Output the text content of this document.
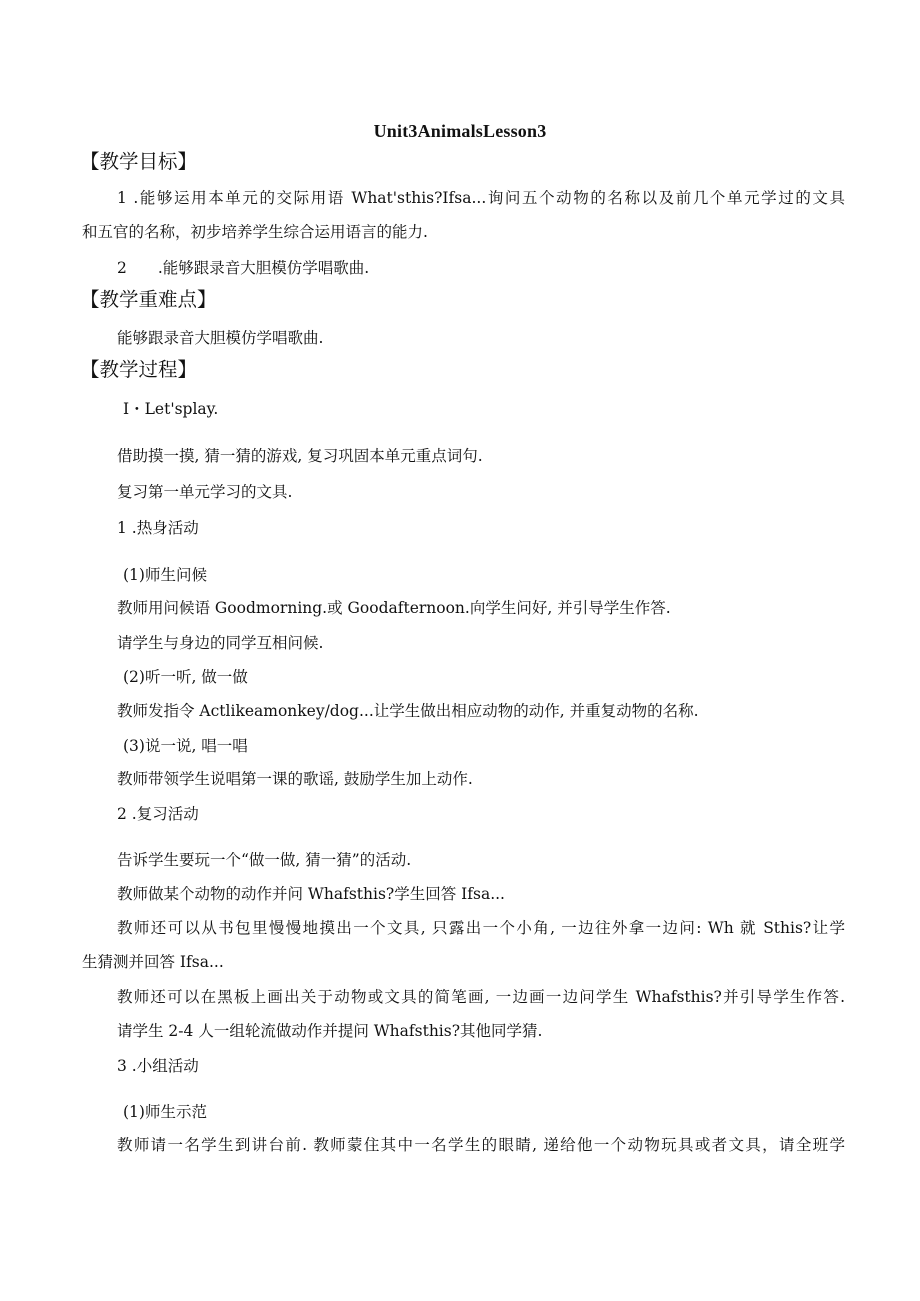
Unit3AnimalsLesson3
【教学目标】
1 .能够运用本单元的交际用语 What'sthis?Ifsa...询问五个动物的名称以及前几个单元学过的文具
和五官的名称，初步培养学生综合运用语言的能力.
2　　.能够跟录音大胆模仿学唱歌曲.
【教学重难点】
能够跟录音大胆模仿学唱歌曲.
【教学过程】
I・Let'splay.
借助摸一摸, 猜一猜的游戏, 复习巩固本单元重点词句.
复习第一单元学习的文具.
1 .热身活动
(1)师生问候
教师用问候语 Goodmorning.或 Goodafternoon.向学生问好, 并引导学生作答.
请学生与身边的同学互相问候.
(2)听一听, 做一做
教师发指令 Actlikeamonkey/dog...让学生做出相应动物的动作, 并重复动物的名称.
(3)说一说, 唱一唱
教师带领学生说唱第一课的歌谣, 鼓励学生加上动作.
2 .复习活动
告诉学生要玩一个“做一做, 猜一猜”的活动.
教师做某个动物的动作并问 Whafsthis?学生回答 Ifsa...
教师还可以从书包里慢慢地摸出一个文具, 只露出一个小角, 一边往外拿一边问: Wh 就 Sthis?让学
生猜测并回答 Ifsa...
教师还可以在黑板上画出关于动物或文具的简笔画, 一边画一边问学生 Whafsthis?并引导学生作答.
请学生 2-4 人一组轮流做动作并提问 Whafsthis?其他同学猜.
3 .小组活动
(1)师生示范
教师请一名学生到讲台前. 教师蒙住其中一名学生的眼睛, 递给他一个动物玩具或者文具，请全班学
